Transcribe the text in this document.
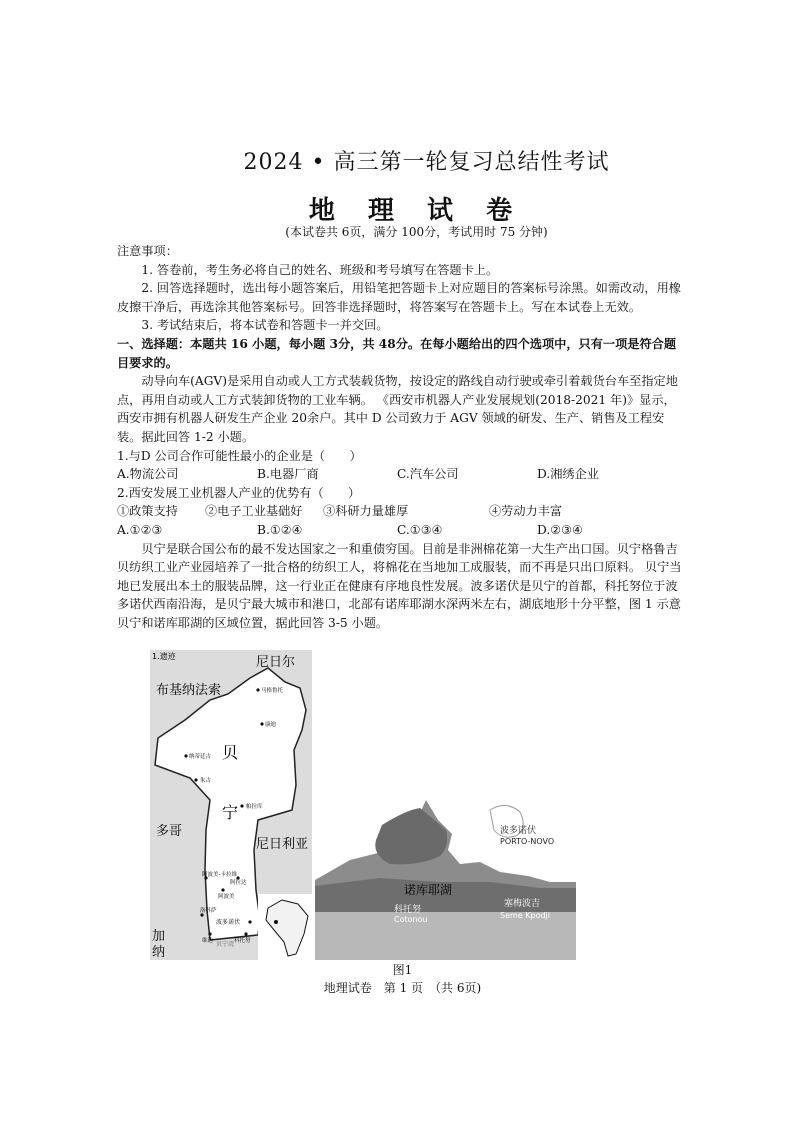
2024 • 高三第一轮复习总结性考试
地 理 试 卷
(本试卷共 6页，满分 100分，考试用时 75 分钟)

注意事项：

1. 答卷前，考生务必将自己的姓名、班级和考号填写在答题卡上。

2. 回答选择题时，选出每小题答案后，用铅笔把答题卡上对应题目的答案标号涂黑。如需改动，用橡皮擦干净后，再选涂其他答案标号。回答非选择题时，将答案写在答题卡上。写在本试卷上无效。

3. 考试结束后，将本试卷和答题卡一并交回。

一、选择题：本题共 16 小题，每小题 3分，共 48分。在每小题给出的四个选项中，只有一项是符合题目要求的。

动导向车(AGV)是采用自动或人工方式装载货物，按设定的路线自动行驶或牵引着载货台车至指定地点，再用自动或人工方式装卸货物的工业车辆。 《西安市机器人产业发展规划(2018-2021 年)》显示，西安市拥有机器人研发生产企业 20余户。其中 D 公司致力于 AGV 领域的研发、生产、销售及工程安装。据此回答 1-2 小题。

1.与D 公司合作可能性最小的企业是（　　）

A.物流公司	B.电器厂商	C.汽车公司	D.湘绣企业

2.西安发展工业机器人产业的优势有（　　）

①政策支持	②电子工业基础好	③科研力量雄厚	④劳动力丰富
A.①②③	B.①②④	C.①③④	D.②③④

贝宁是联合国公布的最不发达国家之一和重债穷国。目前是非洲棉花第一大生产出口国。贝宁格鲁吉贝纺织工业产业园培养了一批合格的纺织工人，将棉花在当地加工成服装，而不再是只出口原料。 贝宁当地已发展出本土的服装品牌，这一行业正在健康有序地良性发展。波多诺伏是贝宁的首都，科托努位于波多诺伏西南沿海，是贝宁最大城市和港口，北部有诺库耶湖水深两米左右，湖底地形十分平整，图 1 示意贝宁和诺库耶湖的区域位置，据此回答 3-5 小题。

1.遗迹	尼日尔
布基纳法索
贝
宁
多哥
尼日利亚
加
纳
贝宁湾
马格鲁托
康迪
纳蒂廷古
朱古
帕拉库
阿波美
科托努
洛科萨
波多诺伏
维达
阿拉达
阿波美-卡拉维
波多诺伏
PORTO-NOVO
诺库耶湖
科托努
Cotonou
塞梅波吉
Seme Kpodji
图1
地理试卷　第 1 页　（共 6页)
